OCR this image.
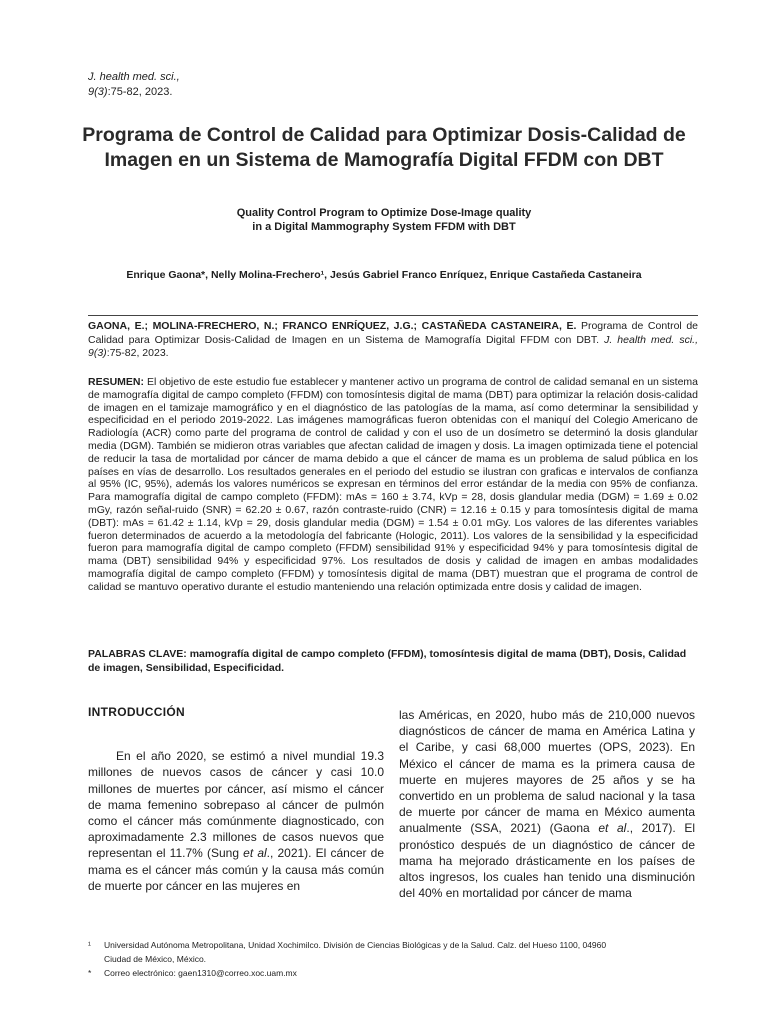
J. health med. sci.,
9(3):75-82, 2023.
Programa de Control de Calidad para Optimizar Dosis-Calidad de Imagen en un Sistema de Mamografía Digital FFDM con DBT
Quality Control Program to Optimize Dose-Image quality
in a Digital Mammography System FFDM with DBT
Enrique Gaona*, Nelly Molina-Frechero¹, Jesús Gabriel Franco Enríquez, Enrique Castañeda Castaneira
GAONA, E.; MOLINA-FRECHERO, N.; FRANCO ENRÍQUEZ, J.G.; CASTAÑEDA CASTANEIRA, E. Programa de Control de Calidad para Optimizar Dosis-Calidad de Imagen en un Sistema de Mamografía Digital FFDM con DBT. J. health med. sci., 9(3):75-82, 2023.
RESUMEN: El objetivo de este estudio fue establecer y mantener activo un programa de control de calidad semanal en un sistema de mamografía digital de campo completo (FFDM) con tomosíntesis digital de mama (DBT) para optimizar la relación dosis-calidad de imagen en el tamizaje mamográfico y en el diagnóstico de las patologías de la mama, así como determinar la sensibilidad y especificidad en el periodo 2019-2022. Las imágenes mamográficas fueron obtenidas con el maniquí del Colegio Americano de Radiología (ACR) como parte del programa de control de calidad y con el uso de un dosímetro se determinó la dosis glandular media (DGM). También se midieron otras variables que afectan calidad de imagen y dosis. La imagen optimizada tiene el potencial de reducir la tasa de mortalidad por cáncer de mama debido a que el cáncer de mama es un problema de salud pública en los países en vías de desarrollo. Los resultados generales en el periodo del estudio se ilustran con graficas e intervalos de confianza al 95% (IC, 95%), además los valores numéricos se expresan en términos del error estándar de la media con 95% de confianza. Para mamografía digital de campo completo (FFDM): mAs = 160 ± 3.74, kVp = 28, dosis glandular media (DGM) = 1.69 ± 0.02 mGy, razón señal-ruido (SNR) = 62.20 ± 0.67, razón contraste-ruido (CNR) = 12.16 ± 0.15 y para tomosíntesis digital de mama (DBT): mAs = 61.42 ± 1.14, kVp = 29, dosis glandular media (DGM) = 1.54 ± 0.01 mGy. Los valores de las diferentes variables fueron determinados de acuerdo a la metodología del fabricante (Hologic, 2011). Los valores de la sensibilidad y la especificidad fueron para mamografía digital de campo completo (FFDM) sensibilidad 91% y especificidad 94% y para tomosíntesis digital de mama (DBT) sensibilidad 94% y especificidad 97%. Los resultados de dosis y calidad de imagen en ambas modalidades mamografía digital de campo completo (FFDM) y tomosíntesis digital de mama (DBT) muestran que el programa de control de calidad se mantuvo operativo durante el estudio manteniendo una relación optimizada entre dosis y calidad de imagen.
PALABRAS CLAVE: mamografía digital de campo completo (FFDM), tomosíntesis digital de mama (DBT), Dosis, Calidad de imagen, Sensibilidad, Especificidad.
INTRODUCCIÓN

En el año 2020, se estimó a nivel mundial 19.3 millones de nuevos casos de cáncer y casi 10.0 millones de muertes por cáncer, así mismo el cáncer de mama femenino sobrepaso al cáncer de pulmón como el cáncer más comúnmente diagnosticado, con aproximadamente 2.3 millones de casos nuevos que representan el 11.7% (Sung et al., 2021). El cáncer de mama es el cáncer más común y la causa más común de muerte por cáncer en las mujeres en

las Américas, en 2020, hubo más de 210,000 nuevos diagnósticos de cáncer de mama en América Latina y el Caribe, y casi 68,000 muertes (OPS, 2023). En México el cáncer de mama es la primera causa de muerte en mujeres mayores de 25 años y se ha convertido en un problema de salud nacional y la tasa de muerte por cáncer de mama en México aumenta anualmente (SSA, 2021) (Gaona et al., 2017). El pronóstico después de un diagnóstico de cáncer de mama ha mejorado drásticamente en los países de altos ingresos, los cuales han tenido una disminución del 40% en mortalidad por cáncer de mama

¹	Universidad Autónoma Metropolitana, Unidad Xochimilco. División de Ciencias Biológicas y de la Salud. Calz. del Hueso 1100, 04960
Ciudad de México, México.
*	Correo electrónico: gaen1310@correo.xoc.uam.mx
